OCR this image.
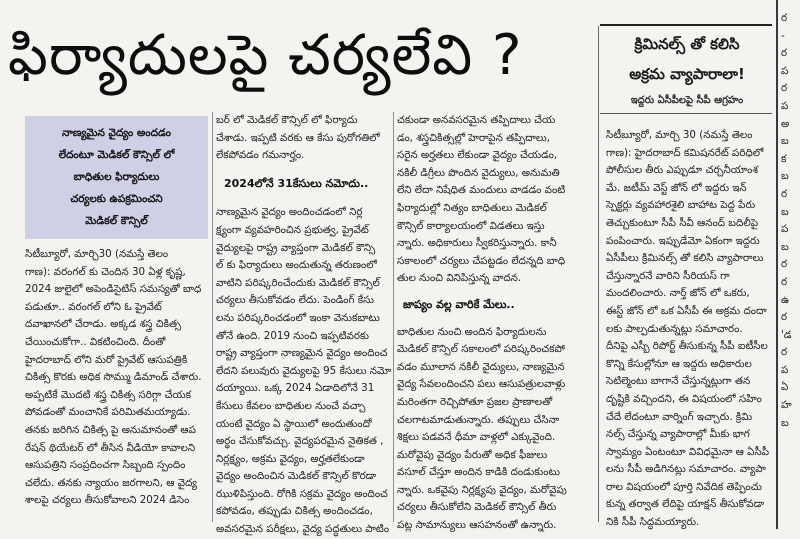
ఫిర్యాదులపై చర్యలేవి ?

నాణ్యమైన వైద్యం అందడం

లేదంటూ మెడికల్ కౌన్సిల్ లో

బాధితుల ఫిర్యాదులు

చర్యలకు ఉపక్రమించని

మెడికల్ కౌన్సిల్

సిటీబ్యూరో, మార్చి30 (నమస్తే తెలం

గాణ): వరంగల్ కు చెందిన 30 ఏళ్ల కృష్ణ,

2024 జులైలో అపెండిసైటిస్ సమస్యతో బాధ

పడుతూ.. వరంగల్ లోని ఓ ప్రైవేట్

దవాఖానలో చేరాడు. అక్కడ శస్త్ర చికిత్స

చేయించుకోగా.. వికటించింది. దీంతో

హైదరాబాద్ లోని మరో ప్రైవేట్ ఆసుపత్రికి

చికిత్స కొరకు అధిక సొమ్ము డిమాండ్ చేశారు.

అప్పటికే మొదటి శస్త్ర చికిత్స సరిగ్గా చేయక

పోవడంతో మంచానికే పరిమితమయ్యాడు.

తనకు జరిగిన చికిత్స పై అనుమానంతో ఆప

రేషన్ థియేటర్ లో తీసిన వీడియో కావాలని

ఆసుపత్రిని సంప్రదించగా సిబ్బంది స్పందిం

చలేదు. తనకు న్యాయం జరగాలని, ఆ వైద్య

శాలపై చర్యలు తీసుకోవాలని 2024 డిసెం

బర్ లో మెడికల్ కౌన్సిల్ లో ఫిర్యాదు

చేశాడు. ఇప్పటి వరకు ఆ కేసు పురోగతిలో

లేకపోవడం గమనార్హం.

2024లోనే 31కేసులు నమోదు..

నాణ్యమైన వైద్యం అందించడంలో నిర్ల

క్ష్యంగా వ్యవహరించిన ప్రభుత్వ, ప్రైవేట్

వైద్యులపై రాష్ట్ర వ్యాప్తంగా మెడికల్ కౌన్సి

ల్ కు ఫిర్యాదులు అందుతున్న తరుణంలో

వాటిని పరిష్కరించేందుకు మెడికల్ కౌన్సిల్

చర్యలు తీసుకోవడం లేదు. పెండింగ్ కేసు

లను పరిష్కరించడంలో ఇంకా వెనుకబాటు

తోనే ఉంది. 2019 నుంచి ఇప్పటివరకు

రాష్ట్ర వ్యాప్తంగా నాణ్యమైన వైద్యం అందించ

లేదని పలువురు వైద్యులపై 95 కేసులు నమో

దయ్యాయి. ఒక్క 2024 ఏడాదిలోనే 31

కేసులు కేవలం బాధితుల నుంచే వచ్చా

యంటే వైద్యం ఏ స్థాయిలో అందుతుందో

అర్థం చేసుకోవచ్చు. వైద్యపరమైన నైతికత ,

నిర్లక్ష్యం, అక్రమ వైద్యం, అర్హతలేకుండా

వైద్యం అందించిన మెడికల్ కౌన్సిల్ కొరడా

ఝుళిపిస్తుంది. రోగికి సక్రమ వైద్యం అందించ

కపోవడం, తప్పుడు చికిత్స అందించడం,

అవసరమైన పరీక్షలు, వైద్య పద్ధతులు పాటిం

చకుండా అనవసరమైన తప్పిదాలు చేయ

డం, శస్త్రచికిత్సల్లో హెరాపైన తప్పిదాలు,

సరైన అర్హతలు లేకుండా వైద్యం చేయడం,

నకిలీ డిగ్రీలు పొందిన వైద్యులు, అనుమతి

లేని లేదా నిషేధిత మందులు వాడడం వంటి

ఫిర్యాదుల్లో నిత్యం బాధితులు మెడికల్

కౌన్సిల్ కార్యాలయంలో విడతలు ఇస్తు

న్నారు. అధికారులు స్వీకరిస్తున్నారు. కానీ

సకాలంలో చర్యలు చేపట్టడం లేదన్నది బాధి

తుల నుంచి వినిపిస్తున్న వాదన.

జాప్యం వల్ల వారికే మేలు..

బాధితుల నుంచి అందిన ఫిర్యాదులను

మెడికల్ కౌన్సిల్ సకాలంలో పరిష్కరించకపో

వడం మూలాన నకిలీ వైద్యులు, నాణ్యమైన

వైద్య సేవలందించని పలు ఆసుపత్రులవాళ్లు

మరింతగా రెచ్చిపోతూ ప్రజల ప్రాణాలతో

చలగాటమాడుతున్నారు. తప్పులు చేసినా

శిక్షలు పడవనే ధీమా వాళ్లలో ఎక్కువైంది.

మరోవైపు వైద్యం పేరుతో అధిక ఫీజులు

వసూల్ చేస్తూ అందిన కాడికి దండుకుంటు

న్నారు. ఒకవైపు నిర్లక్ష్యపు వైద్యం, మరోవైపు

చర్యలు తీసుకోలేని మెడికల్ కౌన్సిల్ తీరు

పట్ల సామాన్యులు ఆసహనంతో ఉన్నారు.

క్రిమినల్స్ తో కలిసి
అక్రమ వ్యాపారాలా!
ఇద్దరు ఏసీపీలపై సీపీ ఆగ్రహం

సిటీబ్యూరో, మార్చి 30 (నమస్తే తెలం

గాణ): హైదరాబాద్ కమిషనరేట్ పరిధిలో

పోలీసుల తీరు ఎప్పుడూ చర్చనీయాంశ

మే. జటీమ్ వెస్ట్ జోన్ లో ఇద్దరు ఇన్

స్పెక్టర్లు వ్యవహారశైలి బాహాట పెద్ద పేరు

తెచ్చుకుంటూ సీపీ సీవీ ఆనంద్ బదిలీపై

పంపించారు. ఇప్పుడేమో ఏకంగా ఇద్దరు

ఏసీపీలు క్రిమినల్స్ తో కలిసి వ్యాపారాలు

చేస్తున్నారనే వారిని సీరియస్ గా

మందలించారు. నార్త్ జోన్ లో ఒకరు,

ఈస్ట్ జోన్ లో ఒక ఏసీపీ ఈ అక్రమ దందా

లకు పాల్పడుతున్నట్లు సమాచారం.

దీనిపై ఎస్బీ రిపోర్ట్ తీసుకున్న సీపీ ఐటీసీల

కొన్ని కేసుల్లోనూ ఆ ఇద్దరు అధికారుల

సెటిల్మెంటు బాగానే చేస్తున్నట్లుగా తన

దృష్టికి వచ్చిందని, ఈ విషయంలో సహిం

చేదే లేదంటూ వార్నింగ్ ఇచ్చారు. క్రిమి

నల్స్ చేస్తున్న వ్యాపారాల్లో మీకు భాగ

స్వామ్యం ఏంటంటూ వివిధమైనా ఆ ఏసీపీ

లను సీపీ అడిగినట్లు సమాచారం. వ్యాపా

రాల విషయంలో పూర్తి నివేదిక తెప్పించు

కున్న తర్వాత లేదిపై యాక్షన్ తీసుకోవడా

నికి సీపీ సిద్ధమయ్యారు.

ర

-

ర

ప

ర

ప

అ

బ

క

బ

ర

బ

ప

బ

ర

ర

ఉ

ర

'డ

ర

ప

ఏ

హ

బ
